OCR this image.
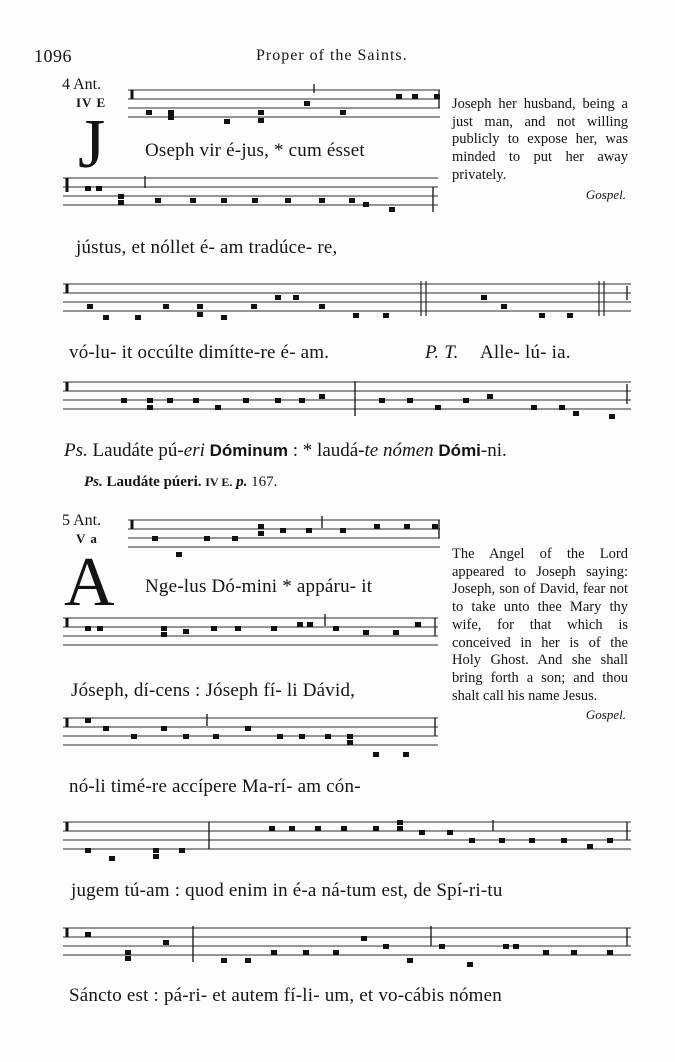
1096	Proper of the Saints.
4 Ant.
IV E
J Oseph vir é-jus, * cum ésset
jústus, et nóllet é- am tradúce- re,
vó-lu- it occúlte dimítte-re é- am.	P. T. Alle- lú- ia.
Joseph her husband, being a just man, and not willing publicly to expose her, was minded to put her away privately.
Gospel.
Ps. Laudáte pú-eri Dóminum : * laudá-te nómen Dómi-ni.
Ps. Laudáte púeri. IV E. p. 167.
5 Ant.
V a
A Nge-lus Dó-mini * appáru- it
Jóseph, dí-cens : Jóseph fí- li Dávid,
nó-li timé-re accípere Ma-rí- am cón-
The Angel of the Lord appeared to Joseph saying: Joseph, son of David, fear not to take unto thee Mary thy wife, for that which is conceived in her is of the Holy Ghost. And she shall bring forth a son; and thou shalt call his name Jesus.
Gospel.
jugem tú-am : quod enim in é-a ná-tum est, de Spí-ri-tu
Sáncto est : pá-ri- et autem fí-li- um, et vo-cábis nómen
